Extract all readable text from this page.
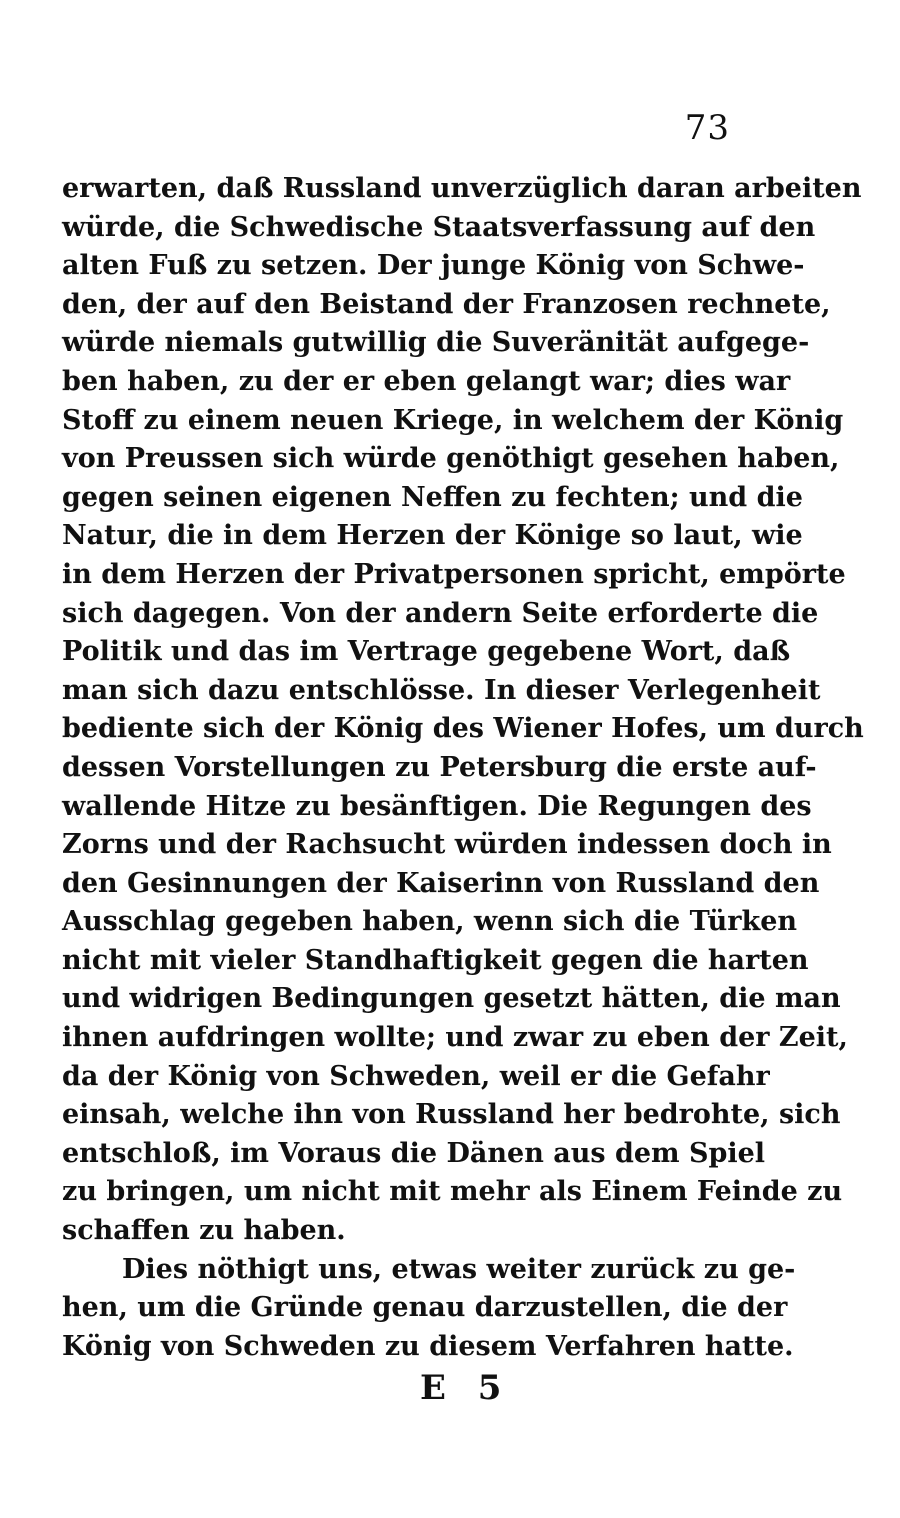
73
erwarten, daß Russland unverzüglich daran arbeiten
würde, die Schwedische Staatsverfassung auf den
alten Fuß zu setzen. Der junge König von Schwe-
den, der auf den Beistand der Franzosen rechnete,
würde niemals gutwillig die Suveränität aufgege-
ben haben, zu der er eben gelangt war; dies war
Stoff zu einem neuen Kriege, in welchem der König
von Preussen sich würde genöthigt gesehen haben,
gegen seinen eigenen Neffen zu fechten; und die
Natur, die in dem Herzen der Könige so laut, wie
in dem Herzen der Privatpersonen spricht, empörte
sich dagegen. Von der andern Seite erforderte die
Politik und das im Vertrage gegebene Wort, daß
man sich dazu entschlösse. In dieser Verlegenheit
bediente sich der König des Wiener Hofes, um durch
dessen Vorstellungen zu Petersburg die erste auf-
wallende Hitze zu besänftigen. Die Regungen des
Zorns und der Rachsucht würden indessen doch in
den Gesinnungen der Kaiserinn von Russland den
Ausschlag gegeben haben, wenn sich die Türken
nicht mit vieler Standhaftigkeit gegen die harten
und widrigen Bedingungen gesetzt hätten, die man
ihnen aufdringen wollte; und zwar zu eben der Zeit,
da der König von Schweden, weil er die Gefahr
einsah, welche ihn von Russland her bedrohte, sich
entschloß, im Voraus die Dänen aus dem Spiel
zu bringen, um nicht mit mehr als Einem Feinde zu
schaffen zu haben.
Dies nöthigt uns, etwas weiter zurück zu ge-
hen, um die Gründe genau darzustellen, die der
König von Schweden zu diesem Verfahren hatte.
E 5
